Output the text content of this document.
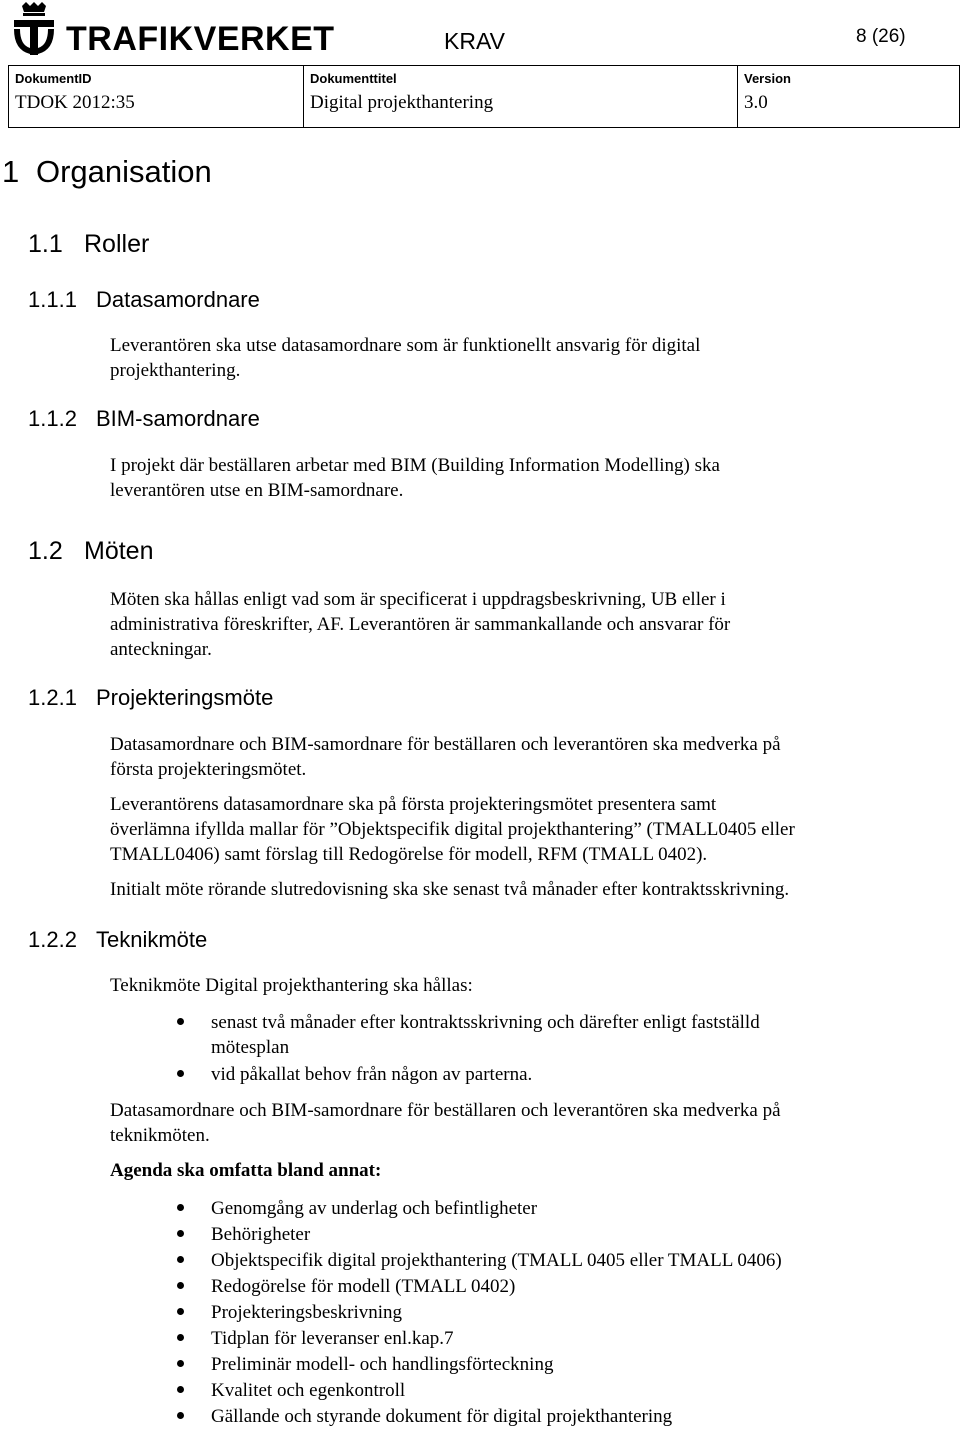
TRAFIKVERKET	KRAV	8 (26)
DokumentID
TDOK 2012:35

Dokumenttitel
Digital projekthantering

Version
3.0
1 Organisation
1.1 Roller
1.1.1 Datasamordnare
Leverantören ska utse datasamordnare som är funktionellt ansvarig för digital
projekthantering.
1.1.2 BIM-samordnare
I projekt där beställaren arbetar med BIM (Building Information Modelling) ska
leverantören utse en BIM-samordnare.
1.2 Möten
Möten ska hållas enligt vad som är specificerat i uppdragsbeskrivning, UB eller i
administrativa föreskrifter, AF. Leverantören är sammankallande och ansvarar för
anteckningar.
1.2.1 Projekteringsmöte
Datasamordnare och BIM-samordnare för beställaren och leverantören ska medverka på
första projekteringsmötet.
Leverantörens datasamordnare ska på första projekteringsmötet presentera samt
överlämna ifyllda mallar för ”Objektspecifik digital projekthantering” (TMALL0405 eller
TMALL0406) samt förslag till Redogörelse för modell, RFM (TMALL 0402).
Initialt möte rörande slutredovisning ska ske senast två månader efter kontraktsskrivning.
1.2.2 Teknikmöte
Teknikmöte Digital projekthantering ska hållas:
senast två månader efter kontraktsskrivning och därefter enligt fastställd
mötesplan
vid påkallat behov från någon av parterna.
Datasamordnare och BIM-samordnare för beställaren och leverantören ska medverka på
teknikmöten.
Agenda ska omfatta bland annat:
Genomgång av underlag och befintligheter
Behörigheter
Objektspecifik digital projekthantering (TMALL 0405 eller TMALL 0406)
Redogörelse för modell (TMALL 0402)
Projekteringsbeskrivning
Tidplan för leveranser enl.kap.7
Preliminär modell- och handlingsförteckning
Kvalitet och egenkontroll
Gällande och styrande dokument för digital projekthantering
